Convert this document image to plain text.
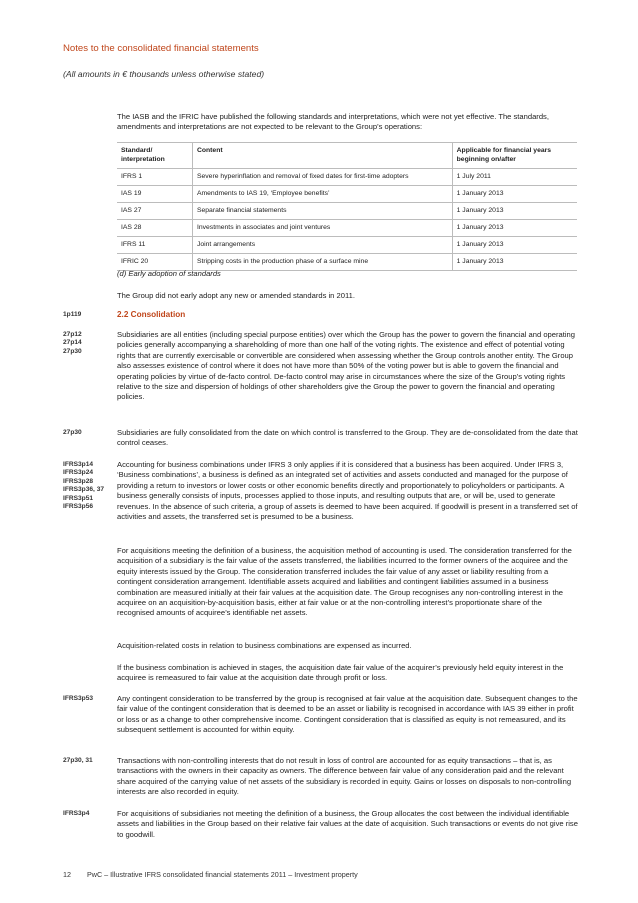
Notes to the consolidated financial statements
(All amounts in € thousands unless otherwise stated)

The IASB and the IFRIC have published the following standards and interpretations, which were not yet effective. The standards, amendments and interpretations are not expected to be relevant to the Group’s operations:

Standard/ interpretation	Content	Applicable for financial years beginning on/after
IFRS 1	Severe hyperinflation and removal of fixed dates for first-time adopters	1 July 2011
IAS 19	Amendments to IAS 19, ‘Employee benefits’	1 January 2013
IAS 27	Separate financial statements	1 January 2013
IAS 28	Investments in associates and joint ventures	1 January 2013
IFRS 11	Joint arrangements	1 January 2013
IFRIC 20	Stripping costs in the production phase of a surface mine	1 January 2013
(d) Early adoption of standards

The Group did not early adopt any new or amended standards in 2011.

1p119	2.2 Consolidation
27p12
27p14
27p30

Subsidiaries are all entities (including special purpose entities) over which the Group has the power to govern the financial and operating policies generally accompanying a shareholding of more than one half of the voting rights. The existence and effect of potential voting rights that are currently exercisable or convertible are considered when assessing whether the Group controls another entity. The Group also assesses existence of control where it does not have more than 50% of the voting power but is able to govern the financial and operating policies by virtue of de-facto control. De-facto control may arise in circumstances where the size of the Group’s voting rights relative to the size and dispersion of holdings of other shareholders give the Group the power to govern the financial and operating policies.

27p30	Subsidiaries are fully consolidated from the date on which control is transferred to the Group. They are de-consolidated from the date that control ceases.

IFRS3p14
IFRS3p24
IFRS3p28
IFRS3p36, 37
IFRS3p51
IFRS3p56

Accounting for business combinations under IFRS 3 only applies if it is considered that a business has been acquired. Under IFRS 3, ‘Business combinations’, a business is defined as an integrated set of activities and assets conducted and managed for the purpose of providing a return to investors or lower costs or other economic benefits directly and proportionately to policyholders or participants. A business generally consists of inputs, processes applied to those inputs, and resulting outputs that are, or will be, used to generate revenues. In the absence of such criteria, a group of assets is deemed to have been acquired. If goodwill is present in a transferred set of activities and assets, the transferred set is presumed to be a business.

For acquisitions meeting the definition of a business, the acquisition method of accounting is used. The consideration transferred for the acquisition of a subsidiary is the fair value of the assets transferred, the liabilities incurred to the former owners of the acquiree and the equity interests issued by the Group. The consideration transferred includes the fair value of any asset or liability resulting from a contingent consideration arrangement. Identifiable assets acquired and liabilities and contingent liabilities assumed in a business combination are measured initially at their fair values at the acquisition date. The Group recognises any non-controlling interest in the acquiree on an acquisition-by-acquisition basis, either at fair value or at the non-controlling interest’s proportionate share of the recognised amounts of acquiree’s identifiable net assets.

Acquisition-related costs in relation to business combinations are expensed as incurred.

If the business combination is achieved in stages, the acquisition date fair value of the acquirer’s previously held equity interest in the acquiree is remeasured to fair value at the acquisition date through profit or loss.

IFRS3p53	Any contingent consideration to be transferred by the group is recognised at fair value at the acquisition date. Subsequent changes to the fair value of the contingent consideration that is deemed to be an asset or liability is recognised in accordance with IAS 39 either in profit or loss or as a change to other comprehensive income. Contingent consideration that is classified as equity is not remeasured, and its subsequent settlement is accounted for within equity.

27p30, 31	Transactions with non-controlling interests that do not result in loss of control are accounted for as equity transactions – that is, as transactions with the owners in their capacity as owners. The difference between fair value of any consideration paid and the relevant share acquired of the carrying value of net assets of the subsidiary is recorded in equity. Gains or losses on disposals to non-controlling interests are also recorded in equity.

IFRS3p4	For acquisitions of subsidiaries not meeting the definition of a business, the Group allocates the cost between the individual identifiable assets and liabilities in the Group based on their relative fair values at the date of acquisition. Such transactions or events do not give rise to goodwill.

12 PwC – Illustrative IFRS consolidated financial statements 2011 – Investment property
